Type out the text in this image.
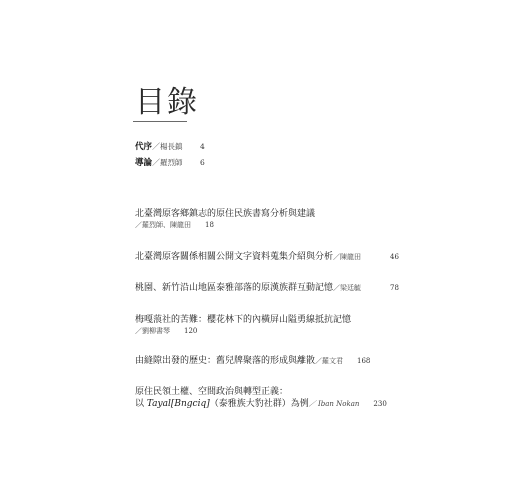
目錄
代序／楊長鎮 4
導論／羅烈師 6
北臺灣原客鄉鎮志的原住民族書寫分析與建議
／羅烈師、陳龍田 18
北臺灣原客關係相關公開文字資料蒐集介紹與分析／陳龍田	46
桃園、新竹沿山地區泰雅部落的原漢族群互動記憶／梁廷毓	78
梅嘎蒗社的苦難：櫻花林下的內橫屏山隘勇線抵抗記憶
／劉柳書琴 120
由縫隙出發的歷史：舊兒牌聚落的形成與離散／羅文君 168
原住民領土權、空間政治與轉型正義：
以 Tayal[Bngciq]（泰雅族大豹社群）為例／ Iban Nokan 230
